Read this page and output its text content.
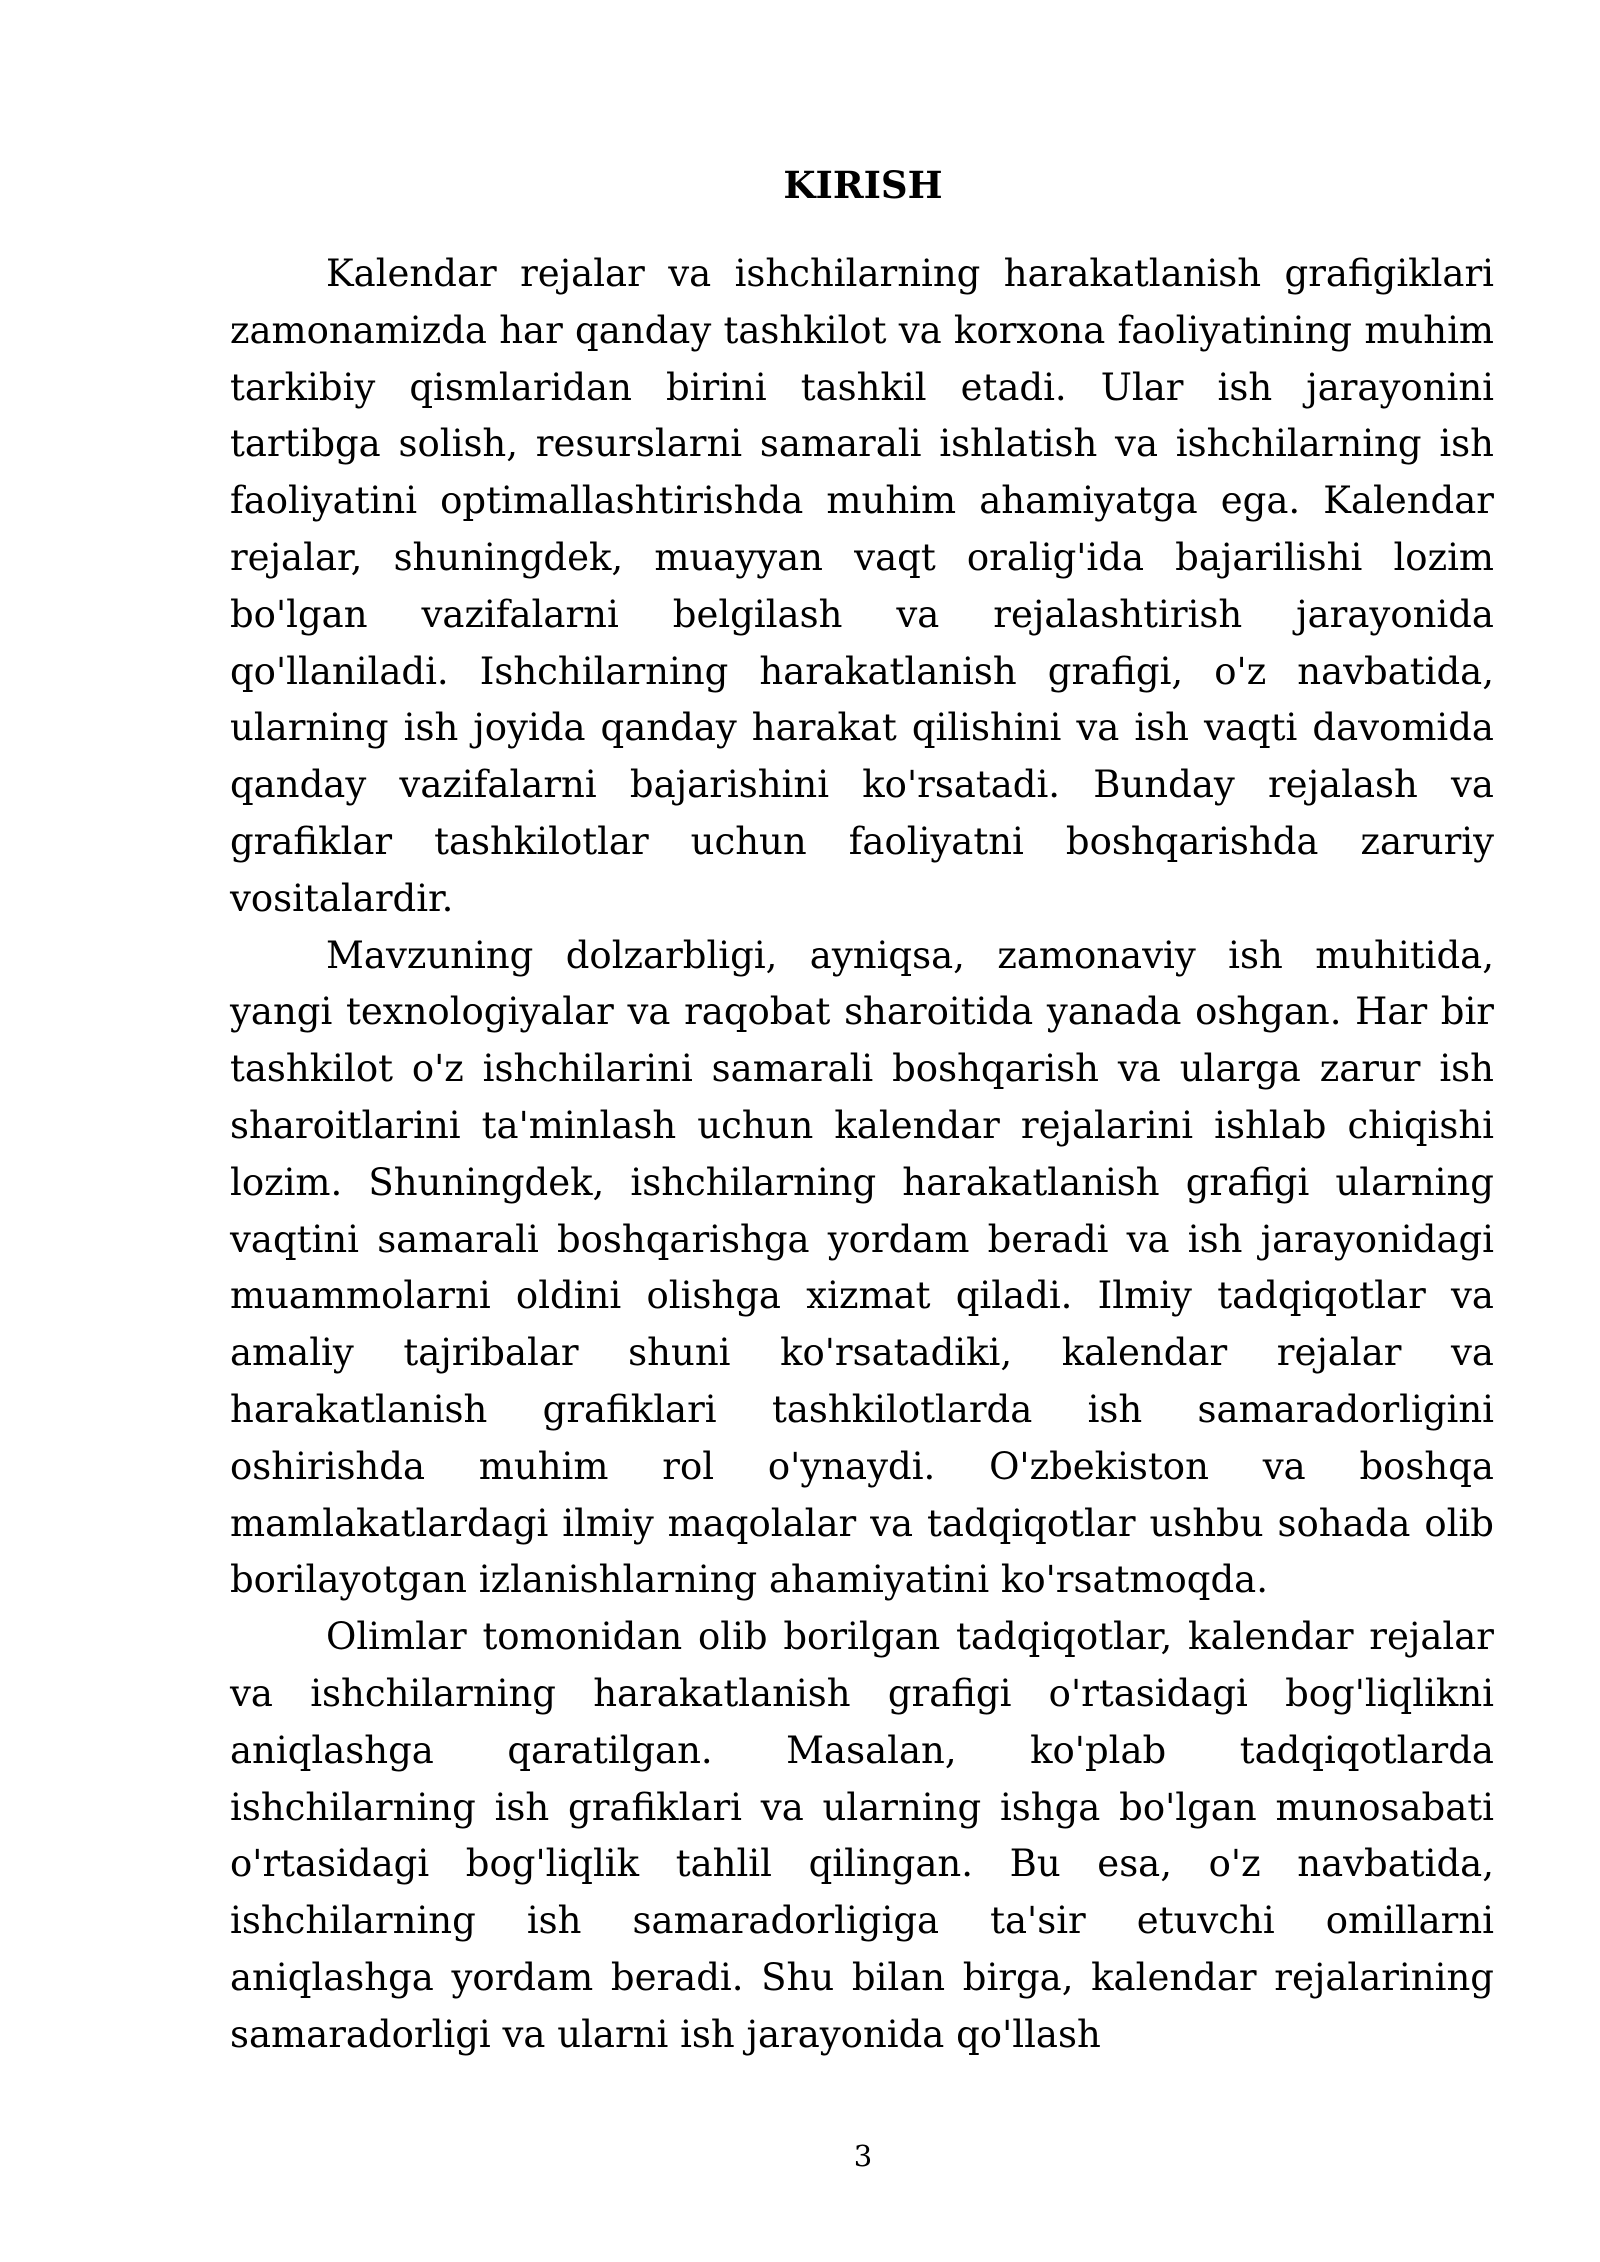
KIRISH

Kalendar rejalar va ishchilarning harakatlanish grafigiklari zamonamizda har qanday tashkilot va korxona faoliyatining muhim tarkibiy qismlaridan birini tashkil etadi. Ular ish jarayonini tartibga solish, resurslarni samarali ishlatish va ishchilarning ish faoliyatini optimallashtirishda muhim ahamiyatga ega. Kalendar rejalar, shuningdek, muayyan vaqt oralig'ida bajarilishi lozim bo'lgan vazifalarni belgilash va rejalashtirish jarayonida qo'llaniladi. Ishchilarning harakatlanish grafigi, o'z navbatida, ularning ish joyida qanday harakat qilishini va ish vaqti davomida qanday vazifalarni bajarishini ko'rsatadi. Bunday rejalash va grafiklar tashkilotlar uchun faoliyatni boshqarishda zaruriy vositalardir.

Mavzuning dolzarbligi, ayniqsa, zamonaviy ish muhitida, yangi texnologiyalar va raqobat sharoitida yanada oshgan. Har bir tashkilot o'z ishchilarini samarali boshqarish va ularga zarur ish sharoitlarini ta'minlash uchun kalendar rejalarini ishlab chiqishi lozim. Shuningdek, ishchilarning harakatlanish grafigi ularning vaqtini samarali boshqarishga yordam beradi va ish jarayonidagi muammolarni oldini olishga xizmat qiladi. Ilmiy tadqiqotlar va amaliy tajribalar shuni ko'rsatadiki, kalendar rejalar va harakatlanish grafiklari tashkilotlarda ish samaradorligini oshirishda muhim rol o'ynaydi. O'zbekiston va boshqa mamlakatlardagi ilmiy maqolalar va tadqiqotlar ushbu sohada olib borilayotgan izlanishlarning ahamiyatini ko'rsatmoqda.

Olimlar tomonidan olib borilgan tadqiqotlar, kalendar rejalar va ishchilarning harakatlanish grafigi o'rtasidagi bog'liqlikni aniqlashga qaratilgan. Masalan, ko'plab tadqiqotlarda ishchilarning ish grafiklari va ularning ishga bo'lgan munosabati o'rtasidagi bog'liqlik tahlil qilingan. Bu esa, o'z navbatida, ishchilarning ish samaradorligiga ta'sir etuvchi omillarni aniqlashga yordam beradi. Shu bilan birga, kalendar rejalarining samaradorligi va ularni ish jarayonida qo'llash

3
